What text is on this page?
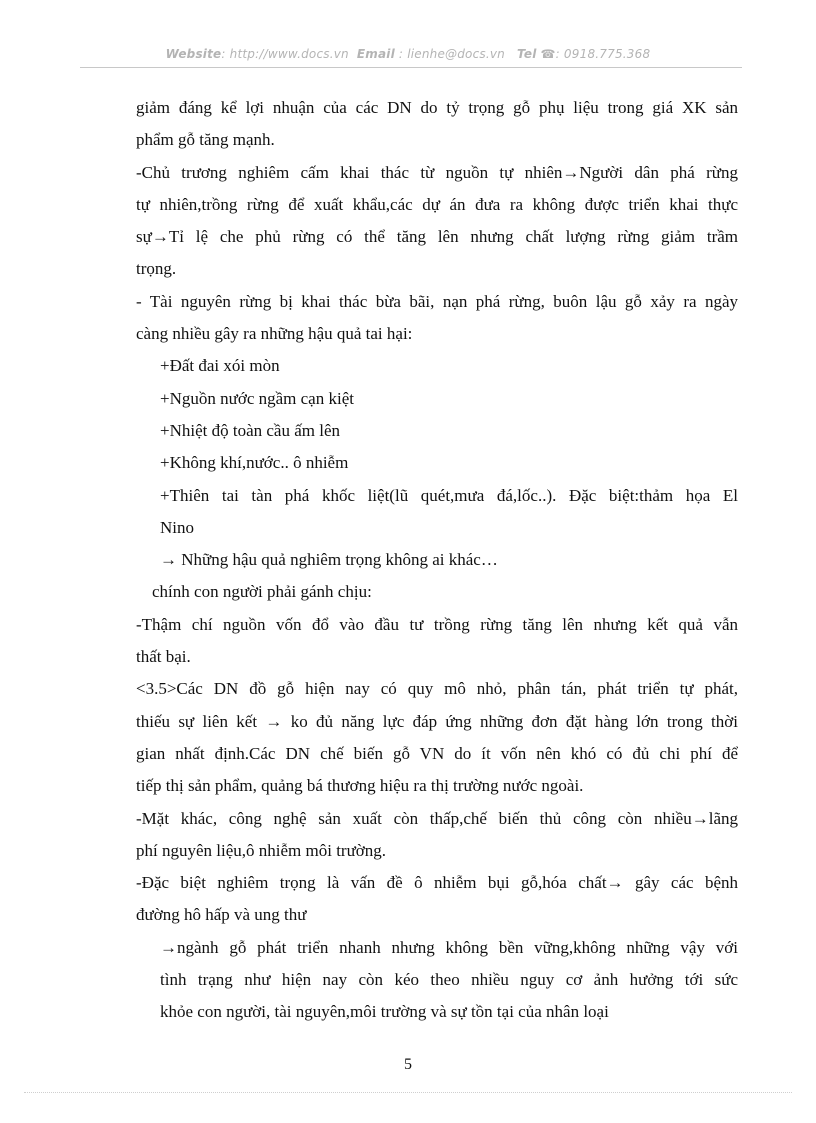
Website: http://www.docs.vn Email : lienhe@docs.vn Tel ☎: 0918.775.368
giảm đáng kể lợi nhuận của các DN do tỷ trọng gỗ phụ liệu trong giá XK sản
phẩm gỗ tăng mạnh.
-Chủ trương nghiêm cấm khai thác từ nguồn tự nhiên→Người dân phá rừng
tự nhiên,trồng rừng để xuất khẩu,các dự án đưa ra không được triển khai thực
sự→Tỉ lệ che phủ rừng có thể tăng lên nhưng chất lượng rừng giảm trầm
trọng.
- Tài nguyên rừng bị khai thác bừa bãi, nạn phá rừng, buôn lậu gỗ xảy ra ngày
càng nhiều gây ra những hậu quả tai hại:
+Đất đai xói mòn
+Nguồn nước ngầm cạn kiệt
+Nhiệt độ toàn cầu ấm lên
+Không khí,nước.. ô nhiễm
+Thiên tai tàn phá khốc liệt(lũ quét,mưa đá,lốc..). Đặc biệt:thảm họa El
Nino
→ Những hậu quả nghiêm trọng không ai khác…
chính con người phải gánh chịu:
-Thậm chí nguồn vốn đổ vào đầu tư trồng rừng tăng lên nhưng kết quả vẫn
thất bại.
<3.5>Các DN đồ gỗ hiện nay có quy mô nhỏ, phân tán, phát triển tự phát,
thiếu sự liên kết → ko đủ năng lực đáp ứng những đơn đặt hàng lớn trong thời
gian nhất định.Các DN chế biến gỗ VN do ít vốn nên khó có đủ chi phí để
tiếp thị sản phẩm, quảng bá thương hiệu ra thị trường nước ngoài.
-Mặt khác, công nghệ sản xuất còn thấp,chế biến thủ công còn nhiều→lãng
phí nguyên liệu,ô nhiễm môi trường.
-Đặc biệt nghiêm trọng là vấn đề ô nhiễm bụi gỗ,hóa chất→ gây các bệnh
đường hô hấp và ung thư
→ngành gỗ phát triển nhanh nhưng không bền vững,không những vậy với
tình trạng như hiện nay còn kéo theo nhiều nguy cơ ảnh hưởng tới sức
khỏe con người, tài nguyên,môi trường và sự tồn tại của nhân loại
5
